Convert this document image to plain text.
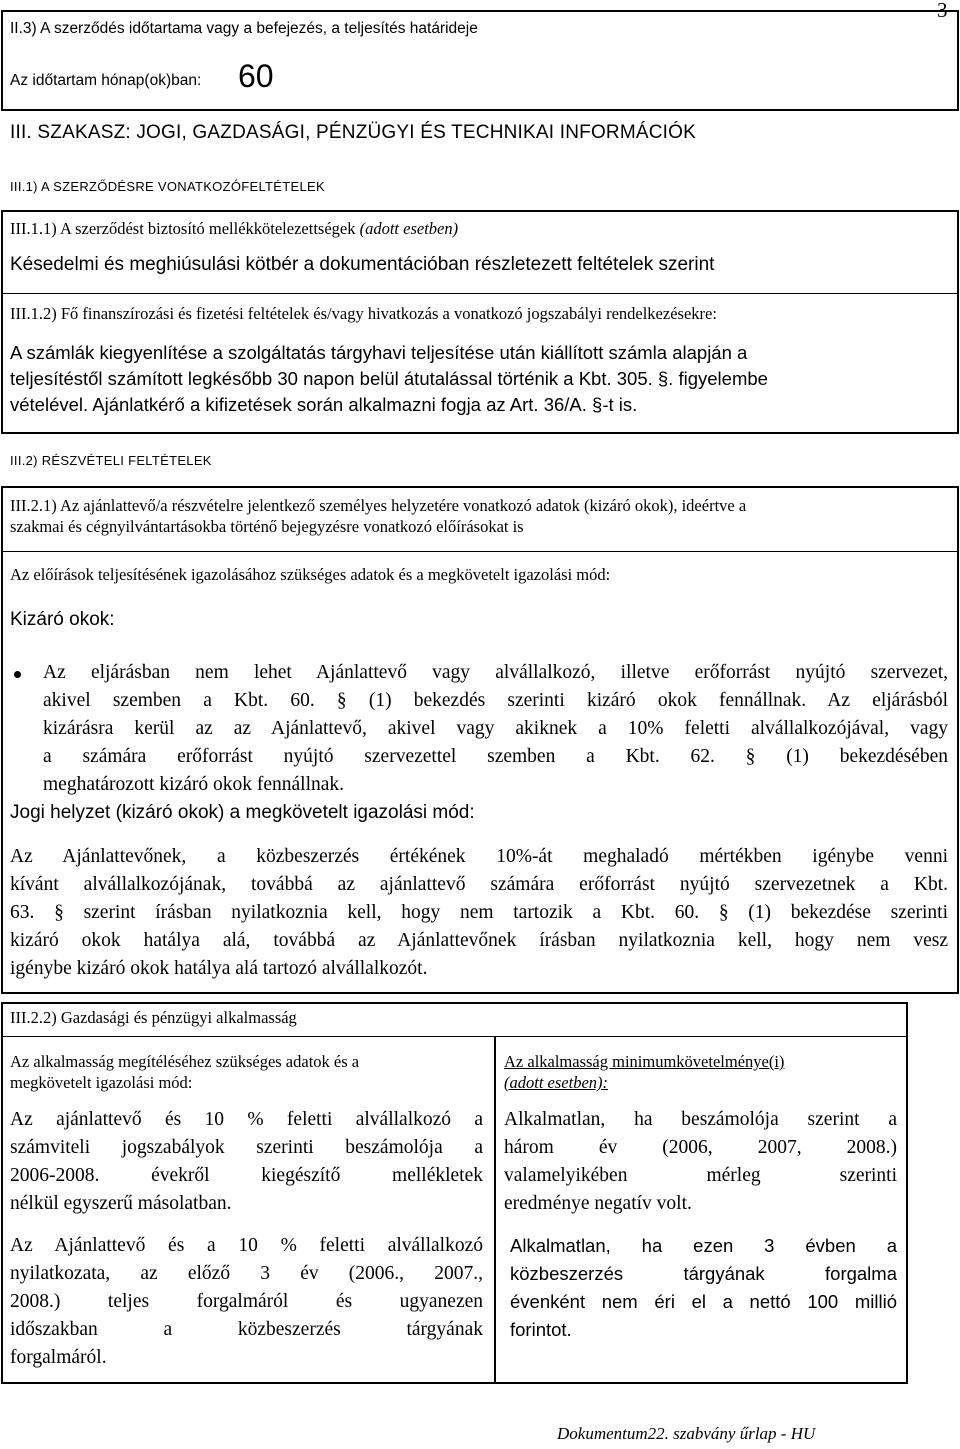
3
II.3) A szerződés időtartama vagy a befejezés, a teljesítés határideje
Az időtartam hónap(ok)ban: 60
III. SZAKASZ: JOGI, GAZDASÁGI, PÉNZÜGYI ÉS TECHNIKAI INFORMÁCIÓK
III.1) A SZERZŐDÉSRE VONATKOZÓFELTÉTELEK
III.1.1) A szerződést biztosító mellékkötelezettségek (adott esetben)
Késedelmi és meghiúsulási kötbér a dokumentációban részletezett feltételek szerint
III.1.2) Fő finanszírozási és fizetési feltételek és/vagy hivatkozás a vonatkozó jogszabályi rendelkezésekre:
A számlák kiegyenlítése a szolgáltatás tárgyhavi teljesítése után kiállított számla alapján a
teljesítéstől számított legkésőbb 30 napon belül átutalással történik a Kbt. 305. §. figyelembe
vételével. Ajánlatkérő a kifizetések során alkalmazni fogja az Art. 36/A. §-t is.
III.2) RÉSZVÉTELI FELTÉTELEK
III.2.1) Az ajánlattevő/a részvételre jelentkező személyes helyzetére vonatkozó adatok (kizáró okok), ideértve a
szakmai és cégnyilvántartásokba történő bejegyzésre vonatkozó előírásokat is
Az előírások teljesítésének igazolásához szükséges adatok és a megkövetelt igazolási mód:
Kizáró okok:
Az eljárásban nem lehet Ajánlattevő vagy alvállalkozó, illetve erőforrást nyújtó szervezet,
akivel szemben a Kbt. 60. § (1) bekezdés szerinti kizáró okok fennállnak. Az eljárásból
kizárásra kerül az az Ajánlattevő, akivel vagy akiknek a 10% feletti alvállalkozójával, vagy
a számára erőforrást nyújtó szervezettel szemben a Kbt. 62. § (1) bekezdésében
meghatározott kizáró okok fennállnak.
Jogi helyzet (kizáró okok) a megkövetelt igazolási mód:
Az Ajánlattevőnek, a közbeszerzés értékének 10%-át meghaladó mértékben igénybe venni
kívánt alvállalkozójának, továbbá az ajánlattevő számára erőforrást nyújtó szervezetnek a Kbt.
63. § szerint írásban nyilatkoznia kell, hogy nem tartozik a Kbt. 60. § (1) bekezdése szerinti
kizáró okok hatálya alá, továbbá az Ajánlattevőnek írásban nyilatkoznia kell, hogy nem vesz
igénybe kizáró okok hatálya alá tartozó alvállalkozót.
III.2.2) Gazdasági és pénzügyi alkalmasság
Az alkalmasság megítéléséhez szükséges adatok és a
megkövetelt igazolási mód:
Az alkalmasság minimumkövetelménye(i)
(adott esetben):
Az ajánlattevő és 10 % feletti alvállalkozó a
számviteli jogszabályok szerinti beszámolója a
2006-2008. évekről kiegészítő mellékletek
nélkül egyszerű másolatban.
Az Ajánlattevő és a 10 % feletti alvállalkozó
nyilatkozata, az előző 3 év (2006., 2007.,
2008.) teljes forgalmáról és ugyanezen
időszakban a közbeszerzés tárgyának
forgalmáról.
Alkalmatlan, ha beszámolója szerint a
három év (2006, 2007, 2008.)
valamelyikében mérleg szerinti
eredménye negatív volt.
Alkalmatlan, ha ezen 3 évben a
közbeszerzés tárgyának forgalma
évenként nem éri el a nettó 100 millió
forintot.
Dokumentum22. szabvány űrlap - HU
